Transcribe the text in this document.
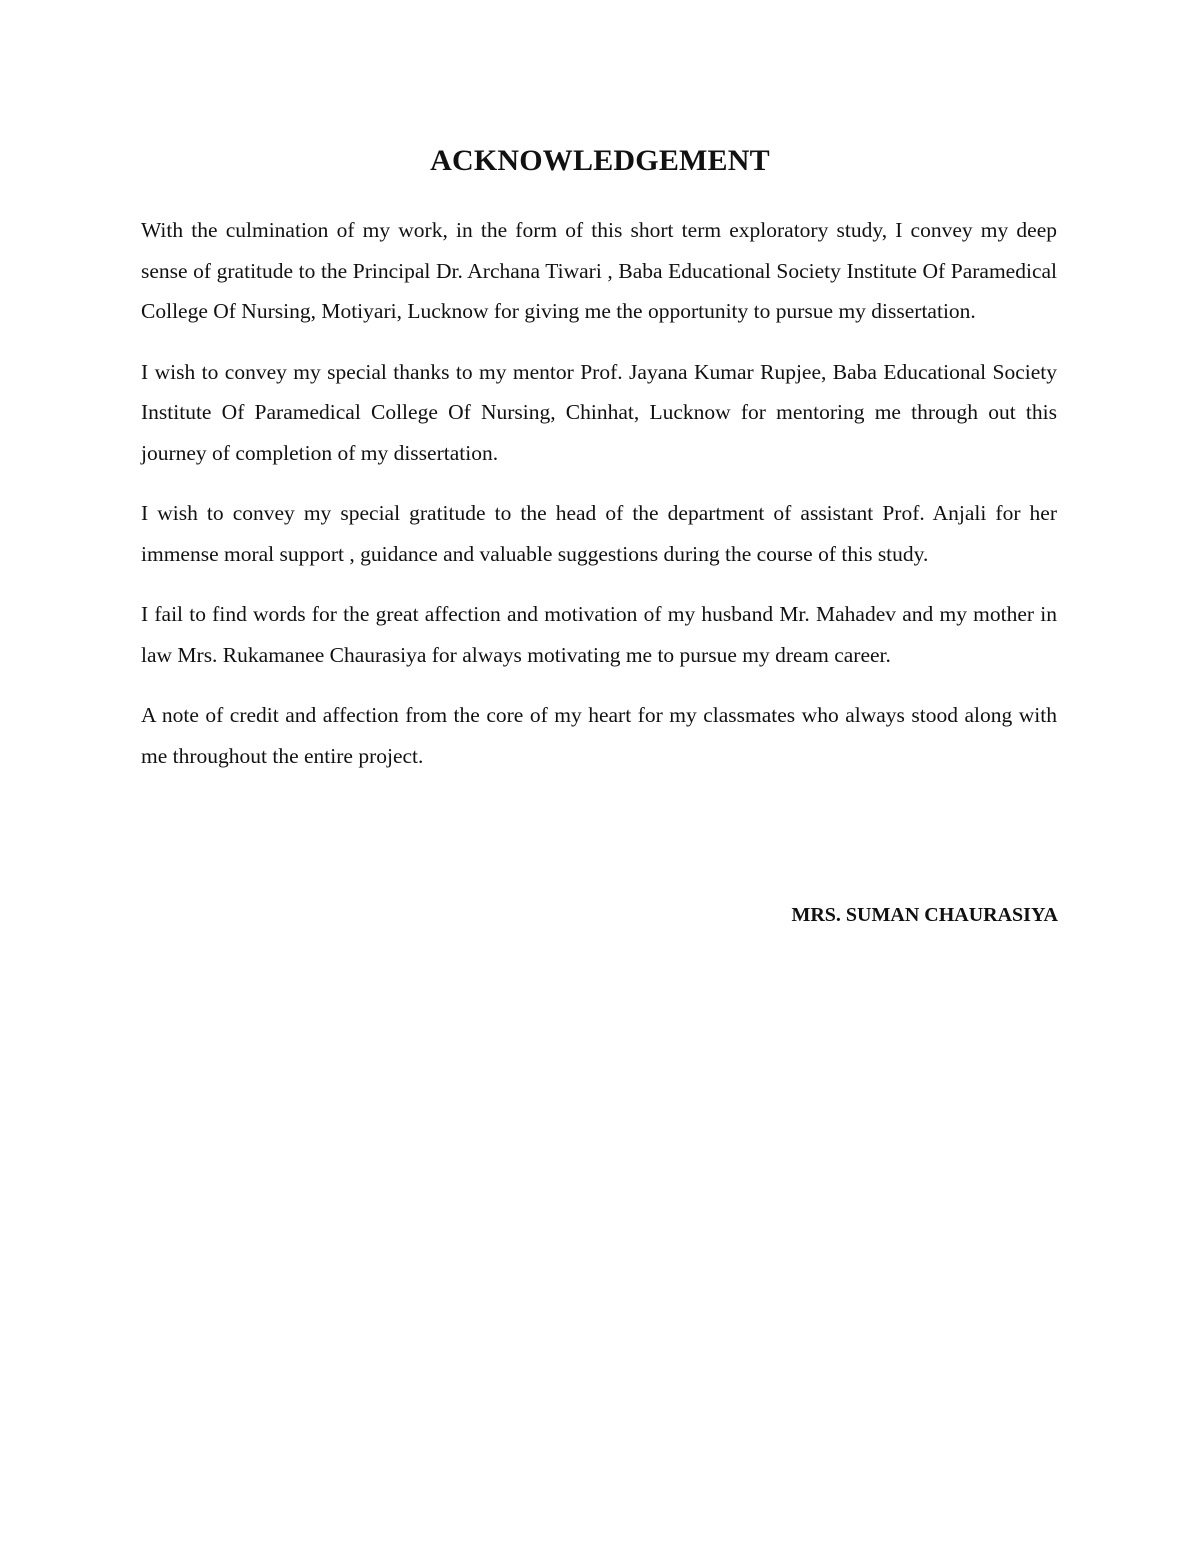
ACKNOWLEDGEMENT

With the culmination of my work, in the form of this short term exploratory study, I convey my deep sense of gratitude to the Principal Dr. Archana Tiwari , Baba Educational Society Institute Of Paramedical College Of Nursing, Motiyari, Lucknow for giving me the opportunity to pursue my dissertation.

I wish to convey my special thanks to my mentor Prof. Jayana Kumar Rupjee, Baba Educational Society Institute Of Paramedical College Of Nursing, Chinhat, Lucknow for mentoring me through out this journey of completion of my dissertation.

I wish to convey my special gratitude to the head of the department of assistant Prof. Anjali for her immense moral support , guidance and valuable suggestions during the course of this study.

I fail to find words for the great affection and motivation of my husband Mr. Mahadev and my mother in law Mrs. Rukamanee Chaurasiya for always motivating me to pursue my dream career.

A note of credit and affection from the core of my heart for my classmates who always stood along with me throughout the entire project.

MRS. SUMAN CHAURASIYA
